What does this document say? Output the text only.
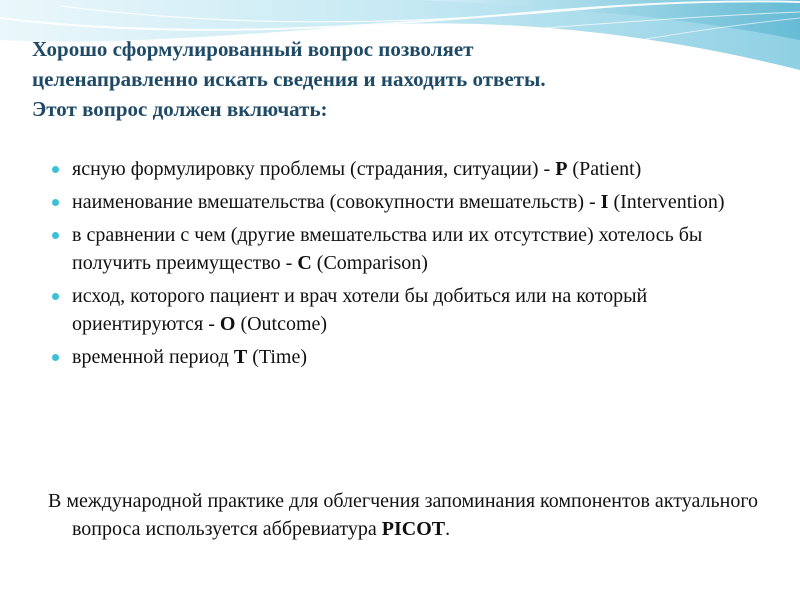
Хорошо сформулированный вопрос позволяет
целенаправленно искать сведения и находить ответы.
Этот вопрос должен включать:
ясную формулировку проблемы (страдания, ситуации) - P (Patient)
наименование вмешательства (совокупности вмешательств) - I (Intervention)
в сравнении с чем (другие вмешательства или их отсутствие) хотелось бы получить преимущество - C (Comparison)
исход, которого пациент и врач хотели бы добиться или на который ориентируются - O (Outcome)
временной период T (Time)

В международной практике для облегчения запоминания компонентов актуального вопроса используется аббревиатура PICOT.
